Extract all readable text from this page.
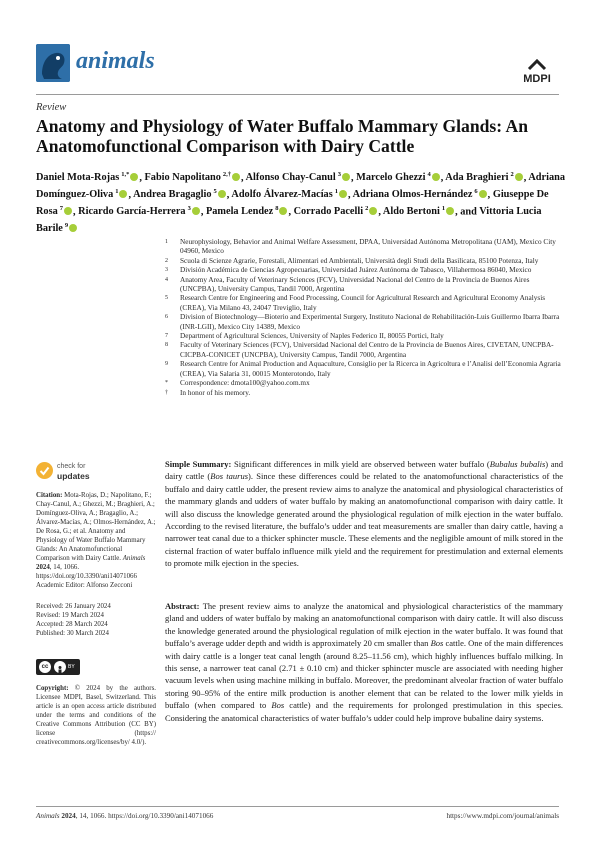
animals
MDPI
Review
Anatomy and Physiology of Water Buffalo Mammary Glands: An Anatomofunctional Comparison with Dairy Cattle
Daniel Mota-Rojas $^{1,*}$ , Fabio Napolitano $^{2,\dagger}$ , Alfonso Chay-Canul $^3$ , Marcelo Ghezzi $^4$ , Ada Braghieri $^2$ , Adriana Domínguez-Oliva $^1$ , Andrea Bragaglio $^5$ , Adolfo Álvarez-Macías $^1$ , Adriana Olmos-Hernández $^6$ , Giuseppe De Rosa $^7$ , Ricardo García-Herrera $^3$ , Pamela Lendez $^8$ , Corrado Pacelli $^2$ , Aldo Bertoni $^1$ , and Vittoria Lucia Barile $^9$
1 Neurophysiology, Behavior and Animal Welfare Assessment, DPAA, Universidad Autónoma Metropolitana (UAM), Mexico City 04960, Mexico
2 Scuola di Scienze Agrarie, Forestali, Alimentari ed Ambientali, Università degli Studi della Basilicata, 85100 Potenza, Italy
3 División Académica de Ciencias Agropecuarias, Universidad Juárez Autónoma de Tabasco, Villahermosa 86040, Mexico
4 Anatomy Area, Faculty of Veterinary Sciences (FCV), Universidad Nacional del Centro de la Provincia de Buenos Aires (UNCPBA), University Campus, Tandil 7000, Argentina
5 Research Centre for Engineering and Food Processing, Council for Agricultural Research and Agricultural Economy Analysis (CREA), Via Milano 43, 24047 Treviglio, Italy
6 Division of Biotechnology—Bioterio and Experimental Surgery, Instituto Nacional de Rehabilitación-Luis Guillermo Ibarra Ibarra (INR-LGII), Mexico City 14389, Mexico
7 Department of Agricultural Sciences, University of Naples Federico II, 80055 Portici, Italy
8 Faculty of Veterinary Sciences (FCV), Universidad Nacional del Centro de la Provincia de Buenos Aires, CIVETAN, UNCPBA-CICPBA-CONICET (UNCPBA), University Campus, Tandil 7000, Argentina
9 Research Centre for Animal Production and Aquaculture, Consiglio per la Ricerca in Agricoltura e l’Analisi dell’Economia Agraria (CREA), Via Salaria 31, 00015 Monterotondo, Italy
* Correspondence: dmota100@yahoo.com.mx
† In honor of his memory.
check for
updates
Citation: Mota-Rojas, D.; Napolitano, F.; Chay-Canul, A.; Ghezzi, M.; Braghieri, A.; Domínguez-Oliva, A.; Bragaglio, A.; Álvarez-Macías, A.; Olmos-Hernández, A.; De Rosa, G.; et al. Anatomy and Physiology of Water Buffalo Mammary Glands: An Anatomofunctional Comparison with Dairy Cattle. Animals 2024, 14, 1066. https://doi.org/10.3390/ani14071066
Academic Editor: Alfonso Zecconi
Received: 26 January 2024
Revised: 19 March 2024
Accepted: 28 March 2024
Published: 30 March 2024
cc	BY
Copyright: © 2024 by the authors. Licensee MDPI, Basel, Switzerland. This article is an open access article distributed under the terms and conditions of the Creative Commons Attribution (CC BY) license (https:// creativecommons.org/licenses/by/ 4.0/).
Simple Summary: Significant differences in milk yield are observed between water buffalo (Bubalus bubalis) and dairy cattle (Bos taurus). Since these differences could be related to the anatomofunctional characteristics of the buffalo and dairy cattle udder, the present review aims to analyze the anatomical and physiological characteristics of the mammary glands and udders of water buffalo by making an anatomofunctional comparison with dairy cattle. It will also discuss the knowledge generated around the physiological regulation of milk ejection in the water buffalo. According to the revised literature, the buffalo’s udder and teat measurements are smaller than dairy cattle, having a narrower teat canal due to a thicker sphincter muscle. These elements and the negligible amount of milk stored in the cisternal fraction of water buffalo influence milk yield and the requirement for prestimulation and external elements to promote milk ejection in the species.
Abstract: The present review aims to analyze the anatomical and physiological characteristics of the mammary gland and udders of water buffalo by making an anatomofunctional comparison with dairy cattle. It will also discuss the knowledge generated around the physiological regulation of milk ejection in the water buffalo. It was found that buffalo’s average udder depth and width is approximately 20 cm smaller than Bos cattle. One of the main differences with dairy cattle is a longer teat canal length (around 8.25–11.56 cm), which highly influences buffalo milking. In this sense, a narrower teat canal (2.71 ± 0.10 cm) and thicker sphincter muscle are associated with needing higher vacuum levels when using machine milking in buffalo. Moreover, the predominant alveolar fraction of water buffalo storing 90–95% of the entire milk production is another element that can be related to the lower milk yields in buffalo (when compared to Bos cattle) and the requirements for prolonged prestimulation in this species. Considering the anatomical characteristics of water buffalo’s udder could help improve bubaline dairy systems.
Animals 2024, 14, 1066. https://doi.org/10.3390/ani14071066	https://www.mdpi.com/journal/animals
